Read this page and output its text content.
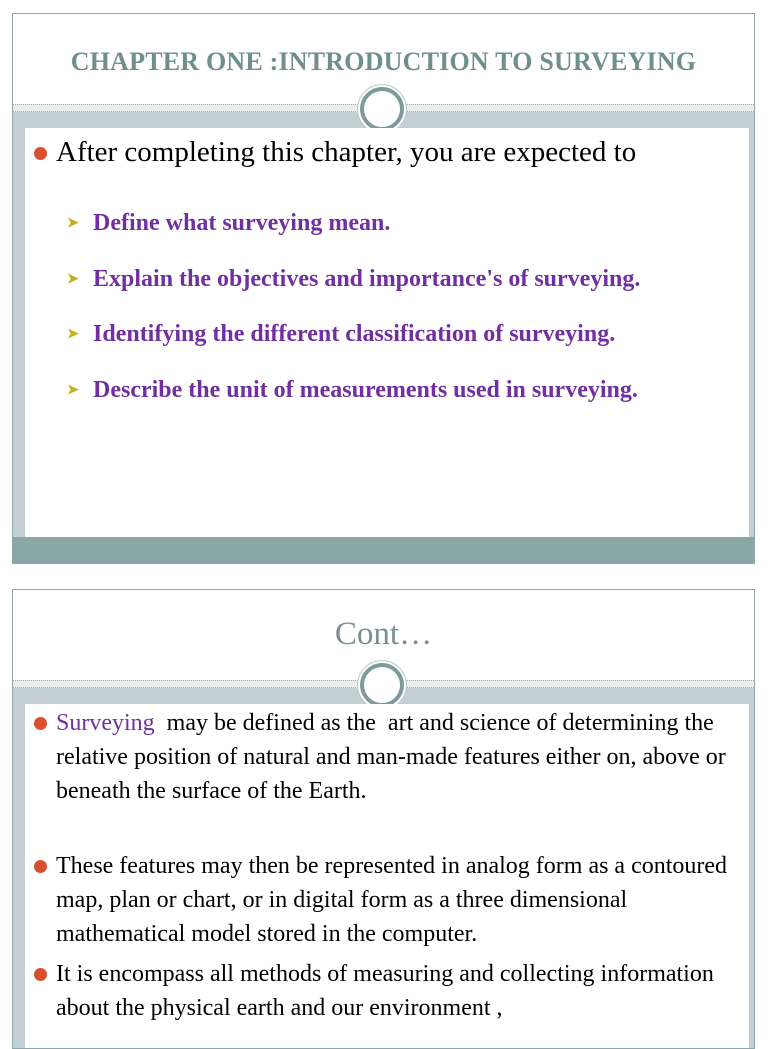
CHAPTER ONE :INTRODUCTION TO SURVEYING
After completing this chapter, you are expected to
➤ Define what surveying mean.
➤ Explain the objectives and importance's of surveying.
➤ Identifying the different classification of surveying.
➤ Describe the unit of measurements used in surveying.
Cont…
Surveying  may be defined as the  art and science of determining the  relative position of natural and man-made features either on, above or beneath the surface of the Earth.
These features may then be represented in analog form as a contoured map, plan or chart, or in digital form as a three dimensional mathematical model stored in the computer.
It is encompass all methods of measuring and collecting information about the physical earth and our environment ,
